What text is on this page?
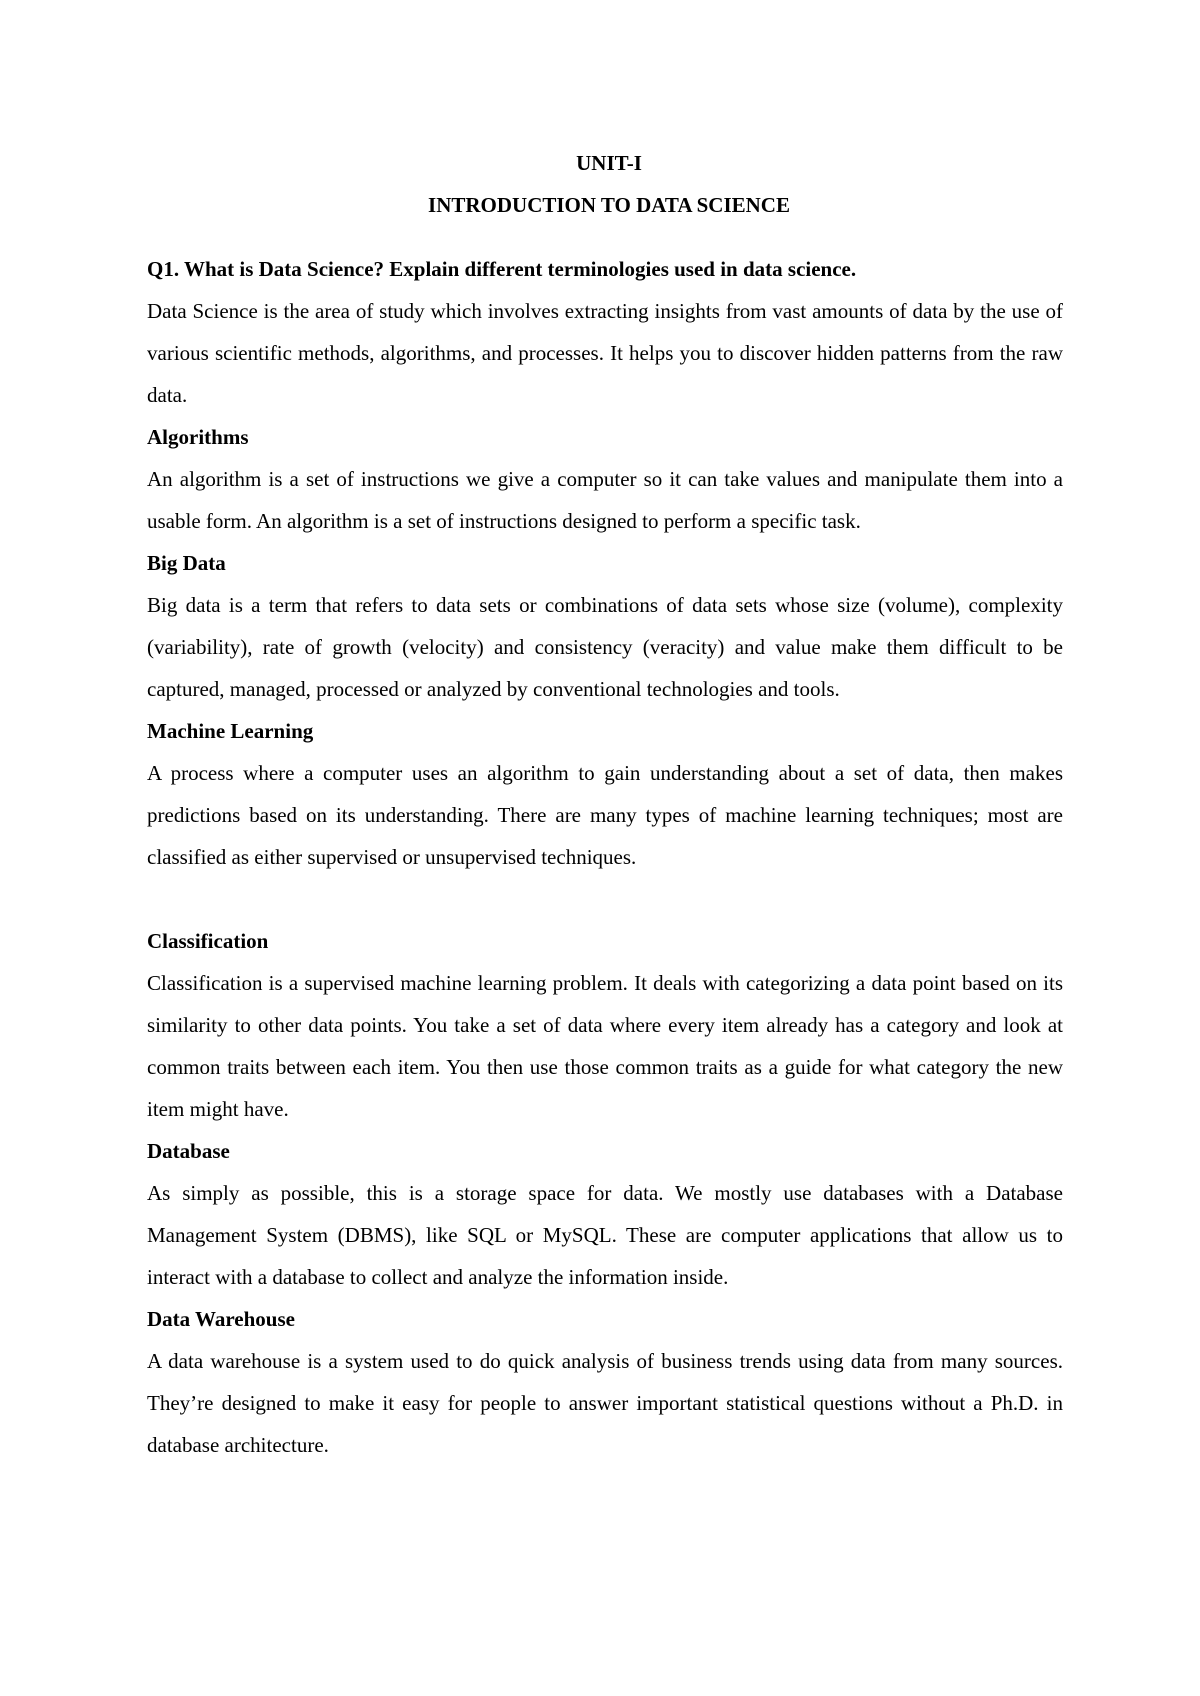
UNIT-I

INTRODUCTION TO DATA SCIENCE

Q1. What is Data Science? Explain different terminologies used in data science.

Data Science is the area of study which involves extracting insights from vast amounts of data by the use of various scientific methods, algorithms, and processes. It helps you to discover hidden patterns from the raw data.

Algorithms

An algorithm is a set of instructions we give a computer so it can take values and manipulate them into a usable form. An algorithm is a set of instructions designed to perform a specific task.

Big Data

Big data is a term that refers to data sets or combinations of data sets whose size (volume), complexity (variability), rate of growth (velocity) and consistency (veracity) and value make them difficult to be captured, managed, processed or analyzed by conventional technologies and tools.

Machine Learning

A process where a computer uses an algorithm to gain understanding about a set of data, then makes predictions based on its understanding. There are many types of machine learning techniques; most are classified as either supervised or unsupervised techniques.

Classification

Classification is a supervised machine learning problem. It deals with categorizing a data point based on its similarity to other data points. You take a set of data where every item already has a category and look at common traits between each item. You then use those common traits as a guide for what category the new item might have.

Database

As simply as possible, this is a storage space for data. We mostly use databases with a Database Management System (DBMS), like SQL or MySQL. These are computer applications that allow us to interact with a database to collect and analyze the information inside.

Data Warehouse

A data warehouse is a system used to do quick analysis of business trends using data from many sources. They’re designed to make it easy for people to answer important statistical questions without a Ph.D. in database architecture.
